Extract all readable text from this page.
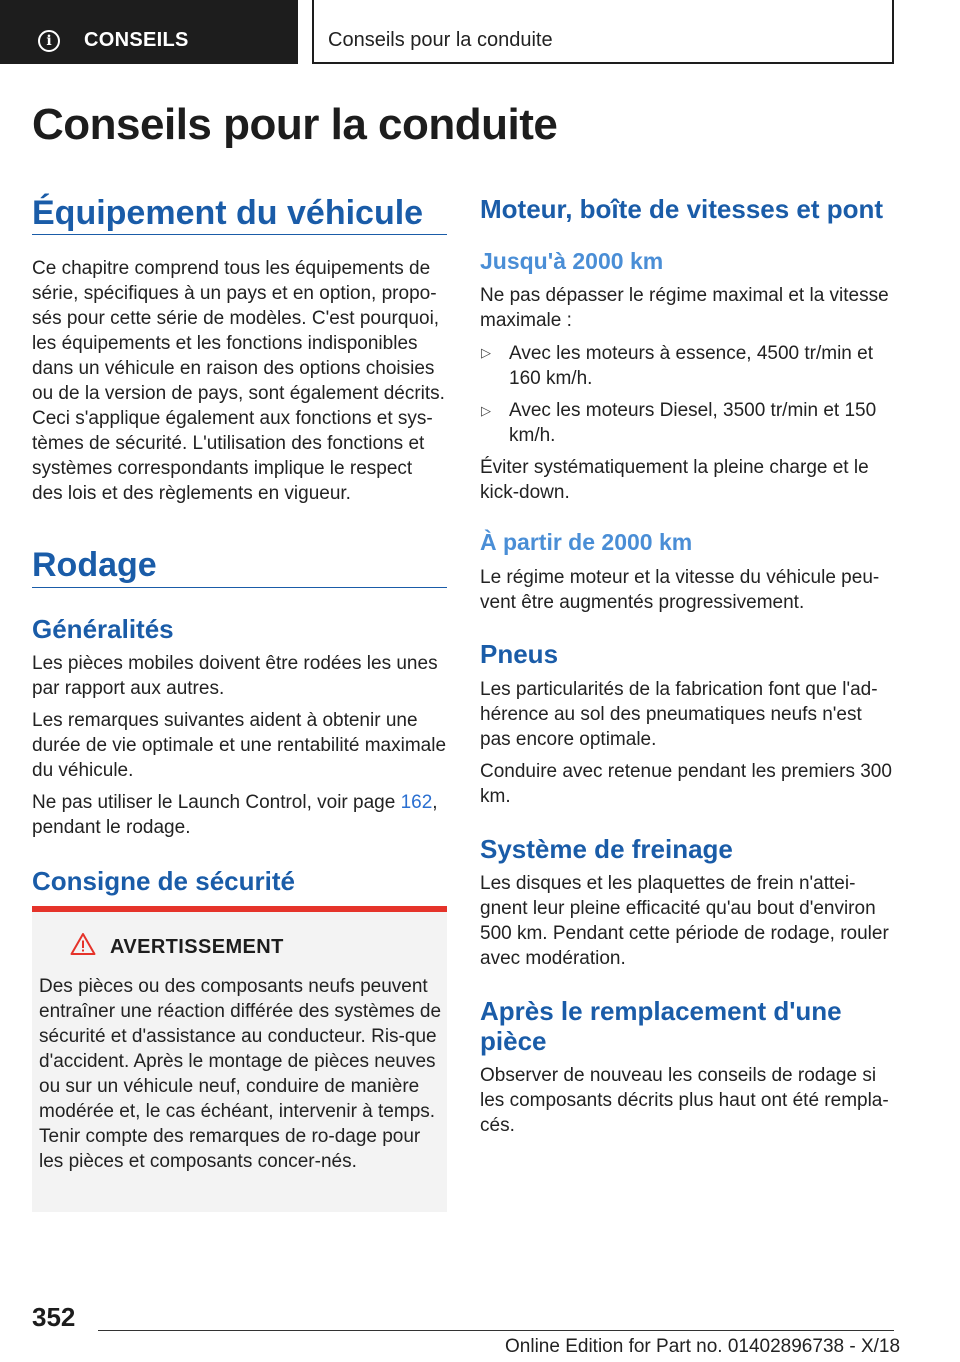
i	CONSEILS	Conseils pour la conduite
Conseils pour la conduite
Équipement du véhicule

Ce chapitre comprend tous les équipements de série, spécifiques à un pays et en option, propo-sés pour cette série de modèles. C'est pourquoi, les équipements et les fonctions indisponibles dans un véhicule en raison des options choisies ou de la version de pays, sont également décrits. Ceci s'applique également aux fonctions et sys-tèmes de sécurité. L'utilisation des fonctions et systèmes correspondants implique le respect des lois et des règlements en vigueur.

Rodage
Généralités

Les pièces mobiles doivent être rodées les unes par rapport aux autres.

Les remarques suivantes aident à obtenir une durée de vie optimale et une rentabilité maximale du véhicule.

Ne pas utiliser le Launch Control, voir page 162, pendant le rodage.

Consigne de sécurité
AVERTISSEMENT

Des pièces ou des composants neufs peuvent entraîner une réaction différée des systèmes de sécurité et d'assistance au conducteur. Ris-que d'accident. Après le montage de pièces neuves ou sur un véhicule neuf, conduire de manière modérée et, le cas échéant, intervenir à temps. Tenir compte des remarques de ro-dage pour les pièces et composants concer-nés.

Moteur, boîte de vitesses et pont
Jusqu'à 2000 km

Ne pas dépasser le régime maximal et la vitesse maximale :

▷ Avec les moteurs à essence, 4500 tr/min et 160 km/h.

▷ Avec les moteurs Diesel, 3500 tr/min et 150 km/h.

Éviter systématiquement la pleine charge et le kick-down.

À partir de 2000 km

Le régime moteur et la vitesse du véhicule peu-vent être augmentés progressivement.

Pneus

Les particularités de la fabrication font que l'ad-hérence au sol des pneumatiques neufs n'est pas encore optimale.

Conduire avec retenue pendant les premiers 300 km.

Système de freinage

Les disques et les plaquettes de frein n'attei-gnent leur pleine efficacité qu'au bout d'environ 500 km. Pendant cette période de rodage, rouler avec modération.

Après le remplacement d'une pièce

Observer de nouveau les conseils de rodage si les composants décrits plus haut ont été rempla-cés.

352
Online Edition for Part no. 01402896738 - X/18
